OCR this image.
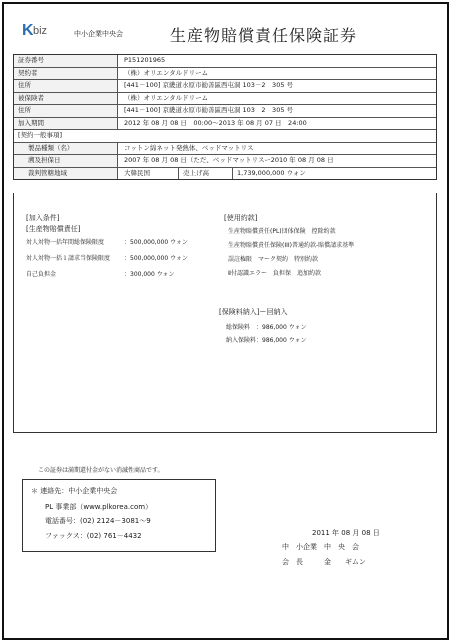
K biz	中小企業中央会	生産物賠償責任保険証券
証券番号	P151201965
契約者	（株）オリエンタルドリーム
住所	[441－100] 京畿道水原市勧善區西屯洞 103－2　305 号
被保険者	（株）オリエンタルドリーム
住所	[441－100] 京畿道水原市勧善區西屯洞 103　2　305 号
加入期間	2012 年 08 月 08 日　00:00～2013 年 08 月 07 日　24:00
[契約一般事項]
製品種類（名）	コットン綿ネット発熱体、ベッドマットリス
溯及担保日	2007 年 08 月 08 日（ただ、ベッドマットリスー2010 年 08 月 08 日
裁判管轄地域	大韓民国	売上げ高	1,739,000,000 ウォン
[加入条件]
[生産物賠償責任]
対人対物一括年間総保険限度	：500,000,000 ウォン
対人対物一括１請求当保険限度 ：500,000,000 ウォン
自己負担金	：300,000 ウォン
[使用約款]
生産物賠償責任(PL)団体保険　控除約款
生産物賠償責任保険(III)普通約款-賠償請求基準
誤註権限　マーク契約　特別約款
Ⅱ付認識エラー　負担保　追加約款
[保険料納入]ー回納入
総保険料　：986,000 ウォン
納入保険料：986,000 ウォン
この証券は満期還付金がない消滅性商品です。
＊ 連絡先：中小企業中央会
PL 事業部（www.plkorea.com）
電話番号：(02) 2124－3081～9
ファックス：(02) 761－4432	2011 年 08 月 08 日
中　小企業　中　央　会
会　長　　　金　　ギムン
